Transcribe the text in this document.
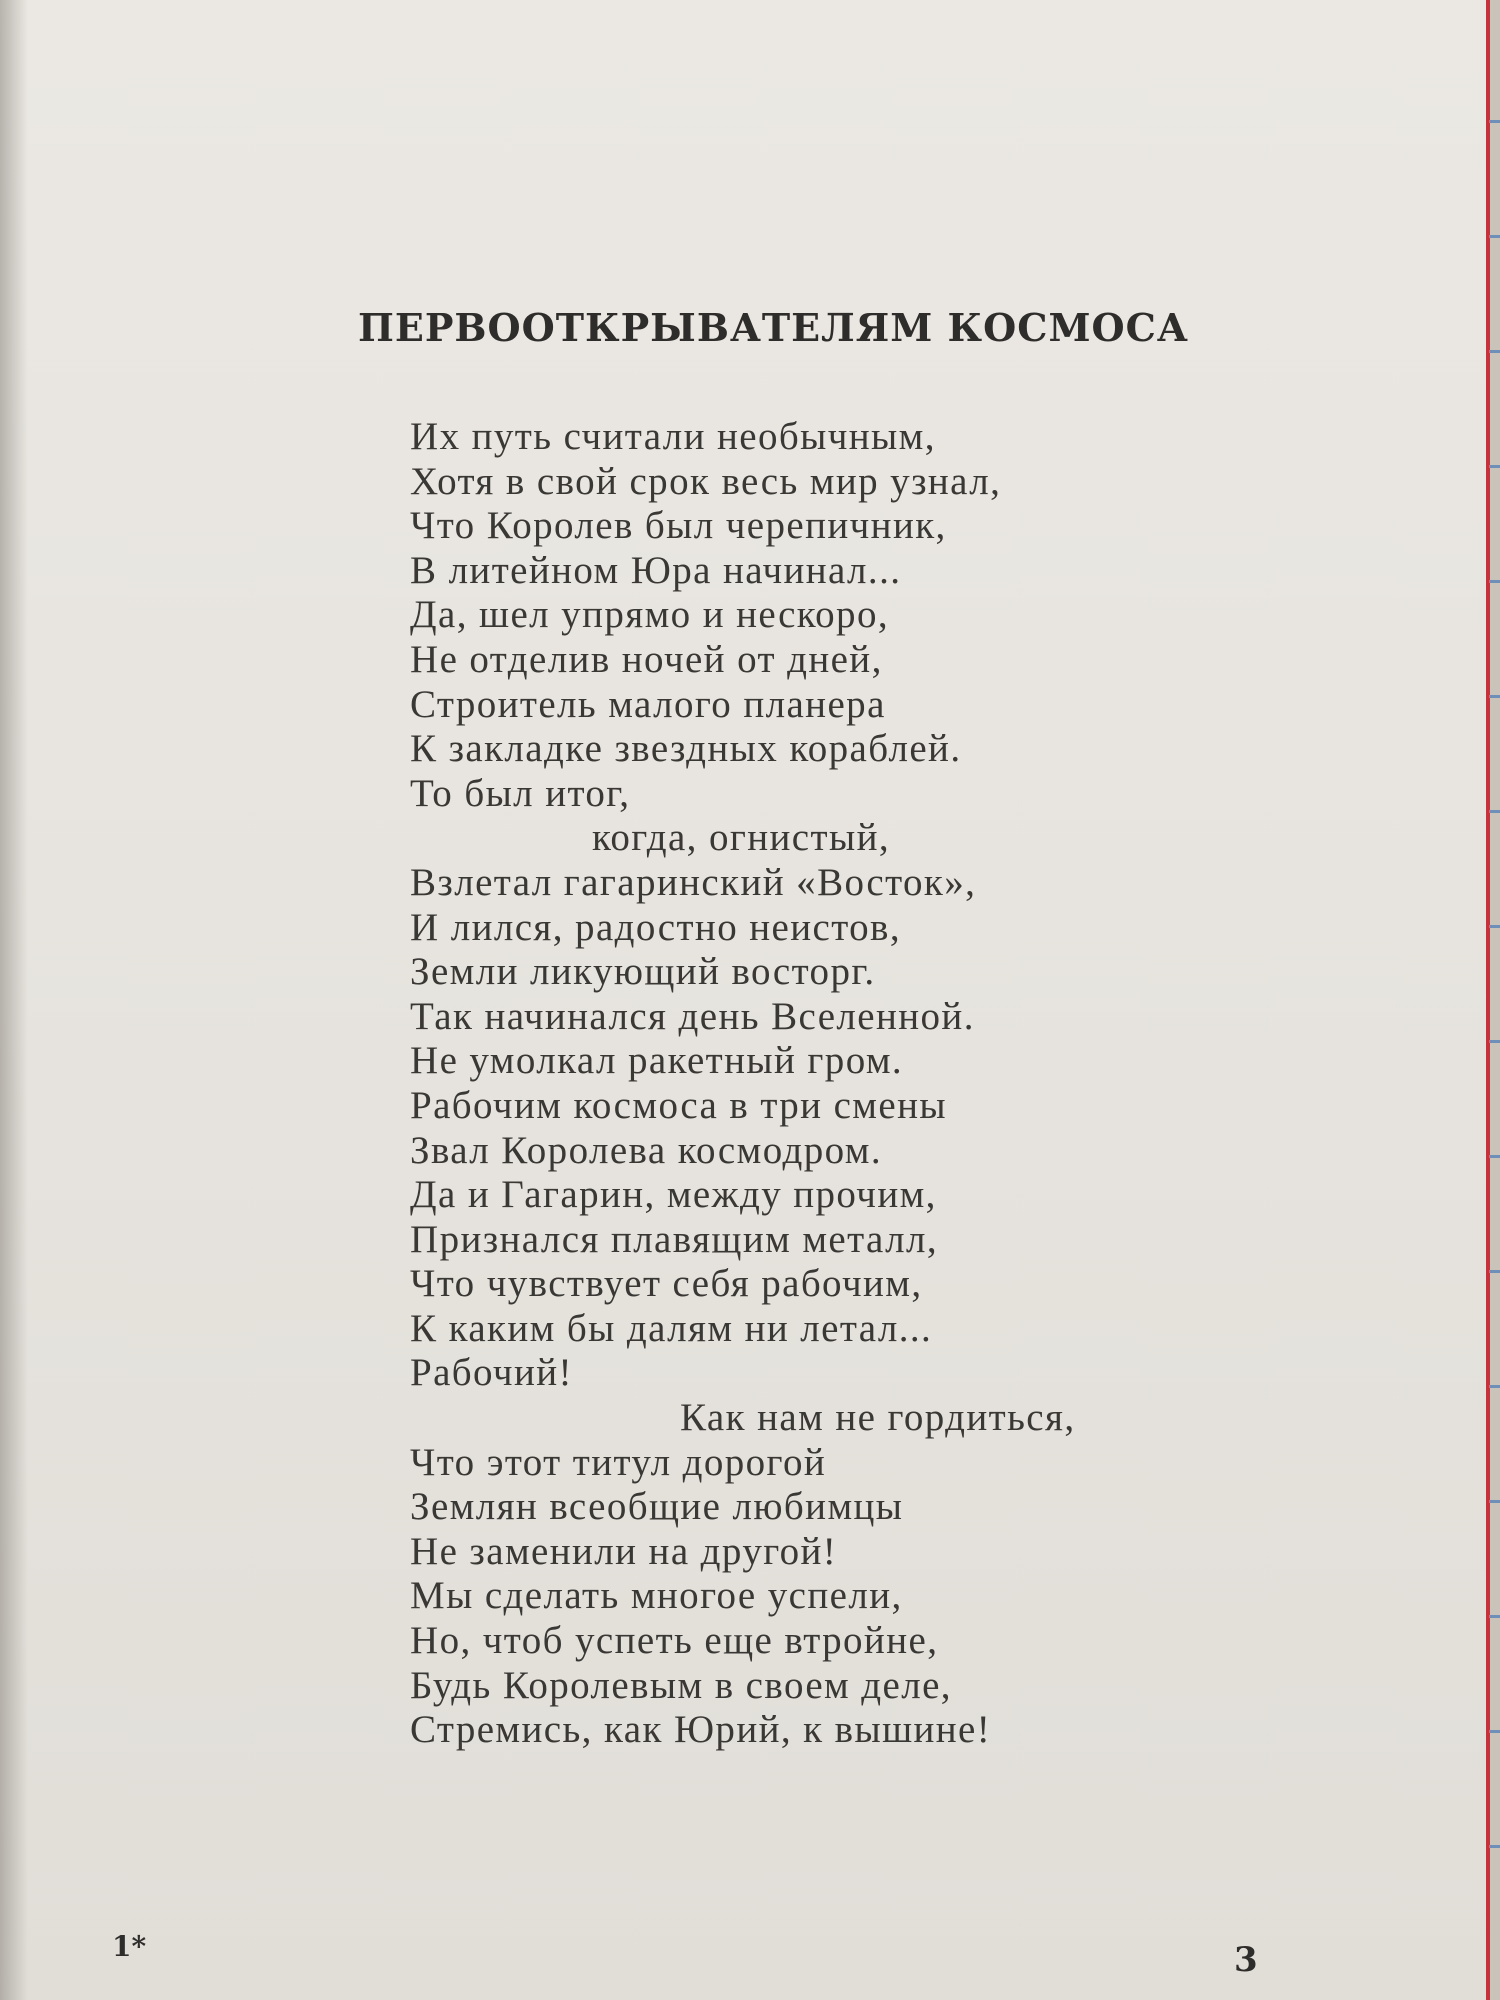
ПЕРВООТКРЫВАТЕЛЯМ КОСМОСА
Их путь считали необычным,
Хотя в свой срок весь мир узнал,
Что Королев был черепичник,
В литейном Юра начинал...
Да, шел упрямо и нескоро,
Не отделив ночей от дней,
Строитель малого планера
К закладке звездных кораблей.
То был итог,
когда, огнистый,
Взлетал гагаринский «Восток»,
И лился, радостно неистов,
Земли ликующий восторг.
Так начинался день Вселенной.
Не умолкал ракетный гром.
Рабочим космоса в три смены
Звал Королева космодром.
Да и Гагарин, между прочим,
Признался плавящим металл,
Что чувствует себя рабочим,
К каким бы далям ни летал...
Рабочий!
Как нам не гордиться,
Что этот титул дорогой
Землян всеобщие любимцы
Не заменили на другой!
Мы сделать многое успели,
Но, чтоб успеть еще втройне,
Будь Королевым в своем деле,
Стремись, как Юрий, к вышине!
1*	3
